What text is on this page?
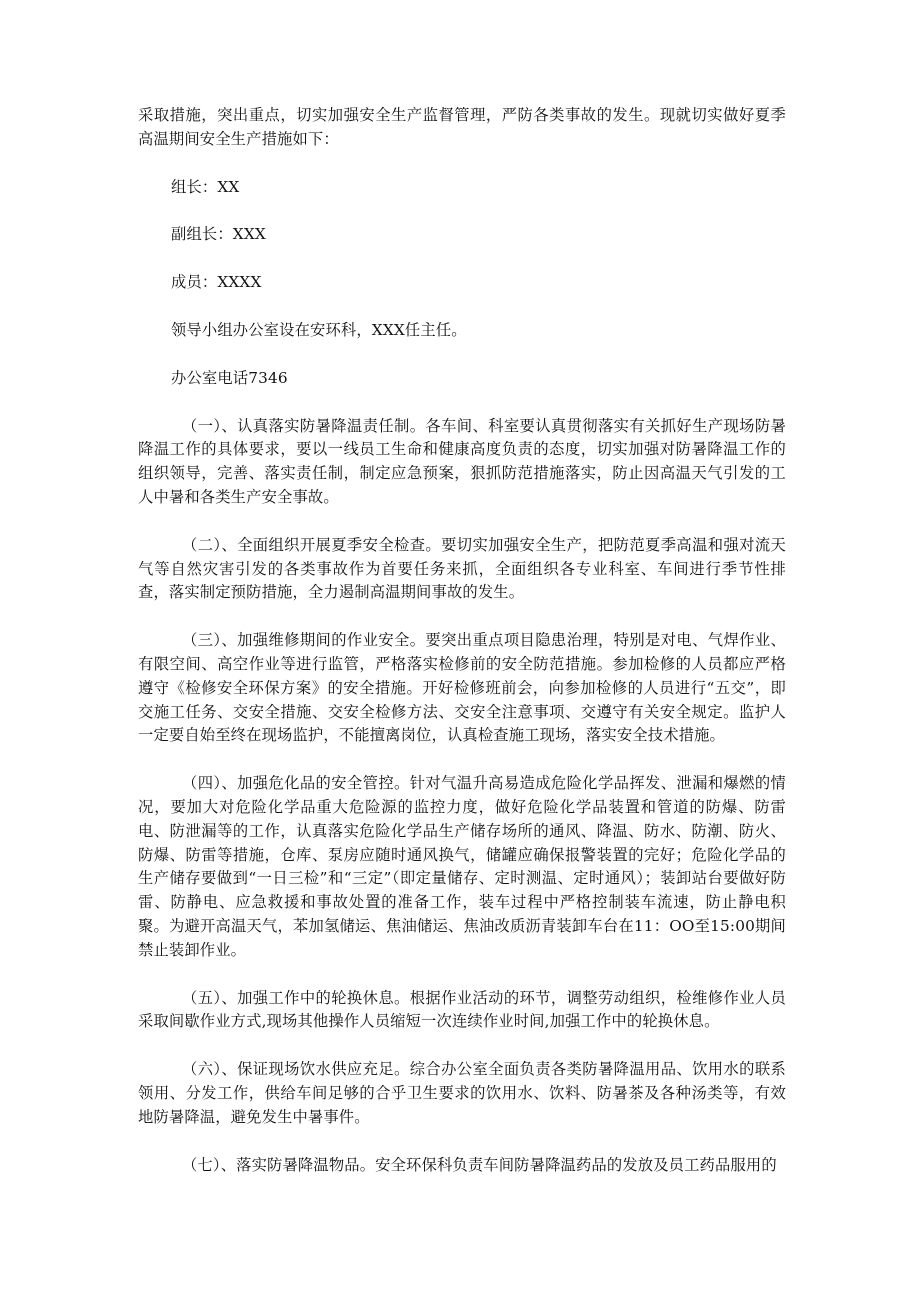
采取措施，突出重点，切实加强安全生产监督管理，严防各类事故的发生。现就切实做好夏季高温期间安全生产措施如下：

组长：XX

副组长：XXX

成员：XXXX

领导小组办公室设在安环科，XXX任主任。

办公室电话7346

（一）、认真落实防暑降温责任制。各车间、科室要认真贯彻落实有关抓好生产现场防暑降温工作的具体要求，要以一线员工生命和健康高度负责的态度，切实加强对防暑降温工作的组织领导，完善、落实责任制，制定应急预案，狠抓防范措施落实，防止因高温天气引发的工人中暑和各类生产安全事故。

（二）、全面组织开展夏季安全检查。要切实加强安全生产，把防范夏季高温和强对流天气等自然灾害引发的各类事故作为首要任务来抓，全面组织各专业科室、车间进行季节性排查，落实制定预防措施，全力遏制高温期间事故的发生。

（三）、加强维修期间的作业安全。要突出重点项目隐患治理，特别是对电、气焊作业、有限空间、高空作业等进行监管，严格落实检修前的安全防范措施。参加检修的人员都应严格遵守《检修安全环保方案》的安全措施。开好检修班前会，向参加检修的人员进行“五交”，即交施工任务、交安全措施、交安全检修方法、交安全注意事项、交遵守有关安全规定。监护人一定要自始至终在现场监护，不能擅离岗位，认真检查施工现场，落实安全技术措施。

（四）、加强危化品的安全管控。针对气温升高易造成危险化学品挥发、泄漏和爆燃的情况，要加大对危险化学品重大危险源的监控力度，做好危险化学品装置和管道的防爆、防雷电、防泄漏等的工作，认真落实危险化学品生产储存场所的通风、降温、防水、防潮、防火、防爆、防雷等措施，仓库、泵房应随时通风换气，储罐应确保报警装置的完好；危险化学品的生产储存要做到“一日三检”和“三定”（即定量储存、定时测温、定时通风）；装卸站台要做好防雷、防静电、应急救援和事故处置的准备工作，装车过程中严格控制装车流速，防止静电积聚。为避开高温天气，苯加氢储运、焦油储运、焦油改质沥青装卸车台在11：OO至15:00期间禁止装卸作业。

（五）、加强工作中的轮换休息。根据作业活动的环节，调整劳动组织，检维修作业人员采取间歇作业方式,现场其他操作人员缩短一次连续作业时间,加强工作中的轮换休息。

（六）、保证现场饮水供应充足。综合办公室全面负责各类防暑降温用品、饮用水的联系领用、分发工作，供给车间足够的合乎卫生要求的饮用水、饮料、防暑茶及各种汤类等，有效地防暑降温，避免发生中暑事件。

（七）、落实防暑降温物品。安全环保科负责车间防暑降温药品的发放及员工药品服用的
